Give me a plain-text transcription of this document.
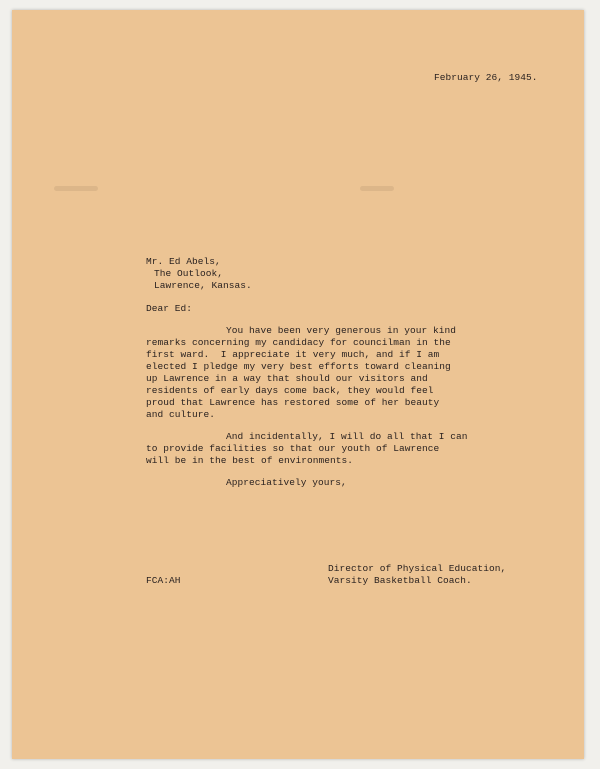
February 26, 1945.
Mr. Ed Abels,
The Outlook,
Lawrence, Kansas.
Dear Ed:
You have been very generous in your kind
remarks concerning my candidacy for councilman in the
first ward.  I appreciate it very much, and if I am
elected I pledge my very best efforts toward cleaning
up Lawrence in a way that should our visitors and
residents of early days come back, they would feel
proud that Lawrence has restored some of her beauty
and culture.
And incidentally, I will do all that I can
to provide facilities so that our youth of Lawrence
will be in the best of environments.
Appreciatively yours,
Director of Physical Education,
Varsity Basketball Coach.
FCA:AH
